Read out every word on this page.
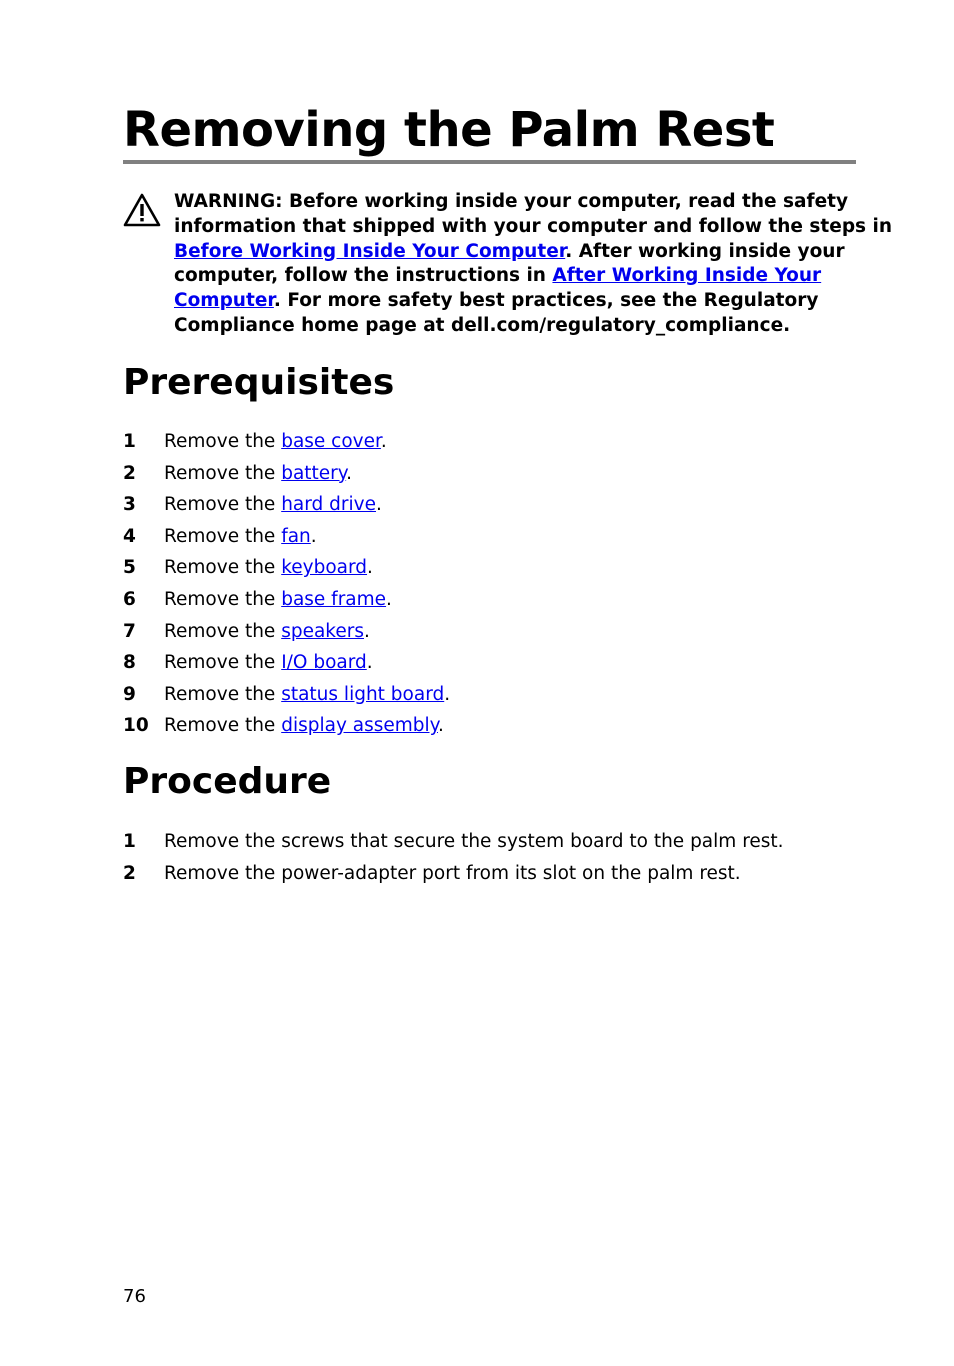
Removing the Palm Rest
WARNING: Before working inside your computer, read the safety
information that shipped with your computer and follow the steps in
Before Working Inside Your Computer. After working inside your
computer, follow the instructions in After Working Inside Your
Computer. For more safety best practices, see the Regulatory
Compliance home page at dell.com/regulatory_compliance.
Prerequisites
1 Remove the base cover.
2 Remove the battery.
3 Remove the hard drive.
4 Remove the fan.
5 Remove the keyboard.
6 Remove the base frame.
7 Remove the speakers.
8 Remove the I/O board.
9 Remove the status light board.
10 Remove the display assembly.
Procedure
1 Remove the screws that secure the system board to the palm rest.
2 Remove the power-adapter port from its slot on the palm rest.
76
